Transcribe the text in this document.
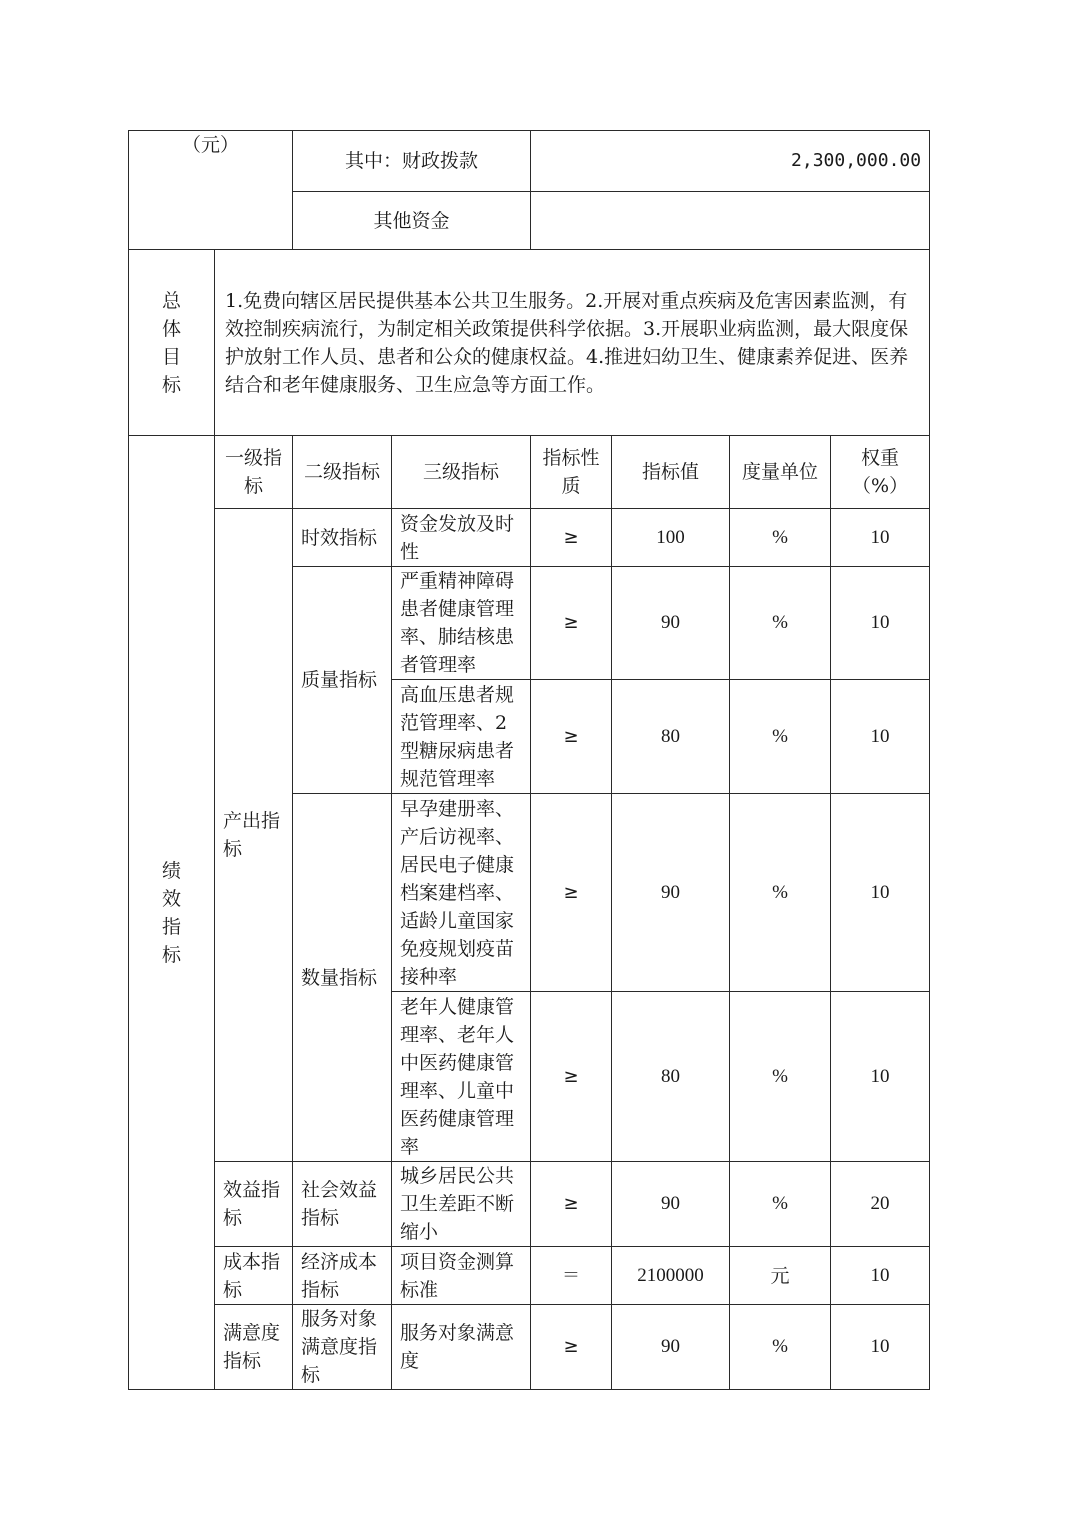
（元）		其中：财政拨款		2,300,000.00			
		其他资金					

总体目标	1.免费向辖区居民提供基本公共卫生服务。2.开展对重点疾病及危害因素监测，有效控制疾病流行，为制定相关政策提供科学依据。3.开展职业病监测，最大限度保护放射工作人员、患者和公众的健康权益。4.推进妇幼卫生、健康素养促进、医养结合和老年健康服务、卫生应急等方面工作。						

绩效指标	一级指标	二级指标	三级指标	指标性质	指标值	度量单位	权重（%）
	产出指标	时效指标	资金发放及时性	≥	100	%	10
		质量指标	严重精神障碍患者健康管理率、肺结核患者管理率	≥	90	%	10
			高血压患者规范管理率、2型糖尿病患者规范管理率	≥	80	%	10
		数量指标	早孕建册率、产后访视率、居民电子健康档案建档率、适龄儿童国家免疫规划疫苗接种率	≥	90	%	10
			老年人健康管理率、老年人中医药健康管理率、儿童中医药健康管理率	≥	80	%	10
	效益指标	社会效益指标	城乡居民公共卫生差距不断缩小	≥	90	%	20
	成本指标	经济成本指标	项目资金测算标准	＝	2100000	元	10
	满意度指标	服务对象满意度指标	服务对象满意度	≥	90	%	10
